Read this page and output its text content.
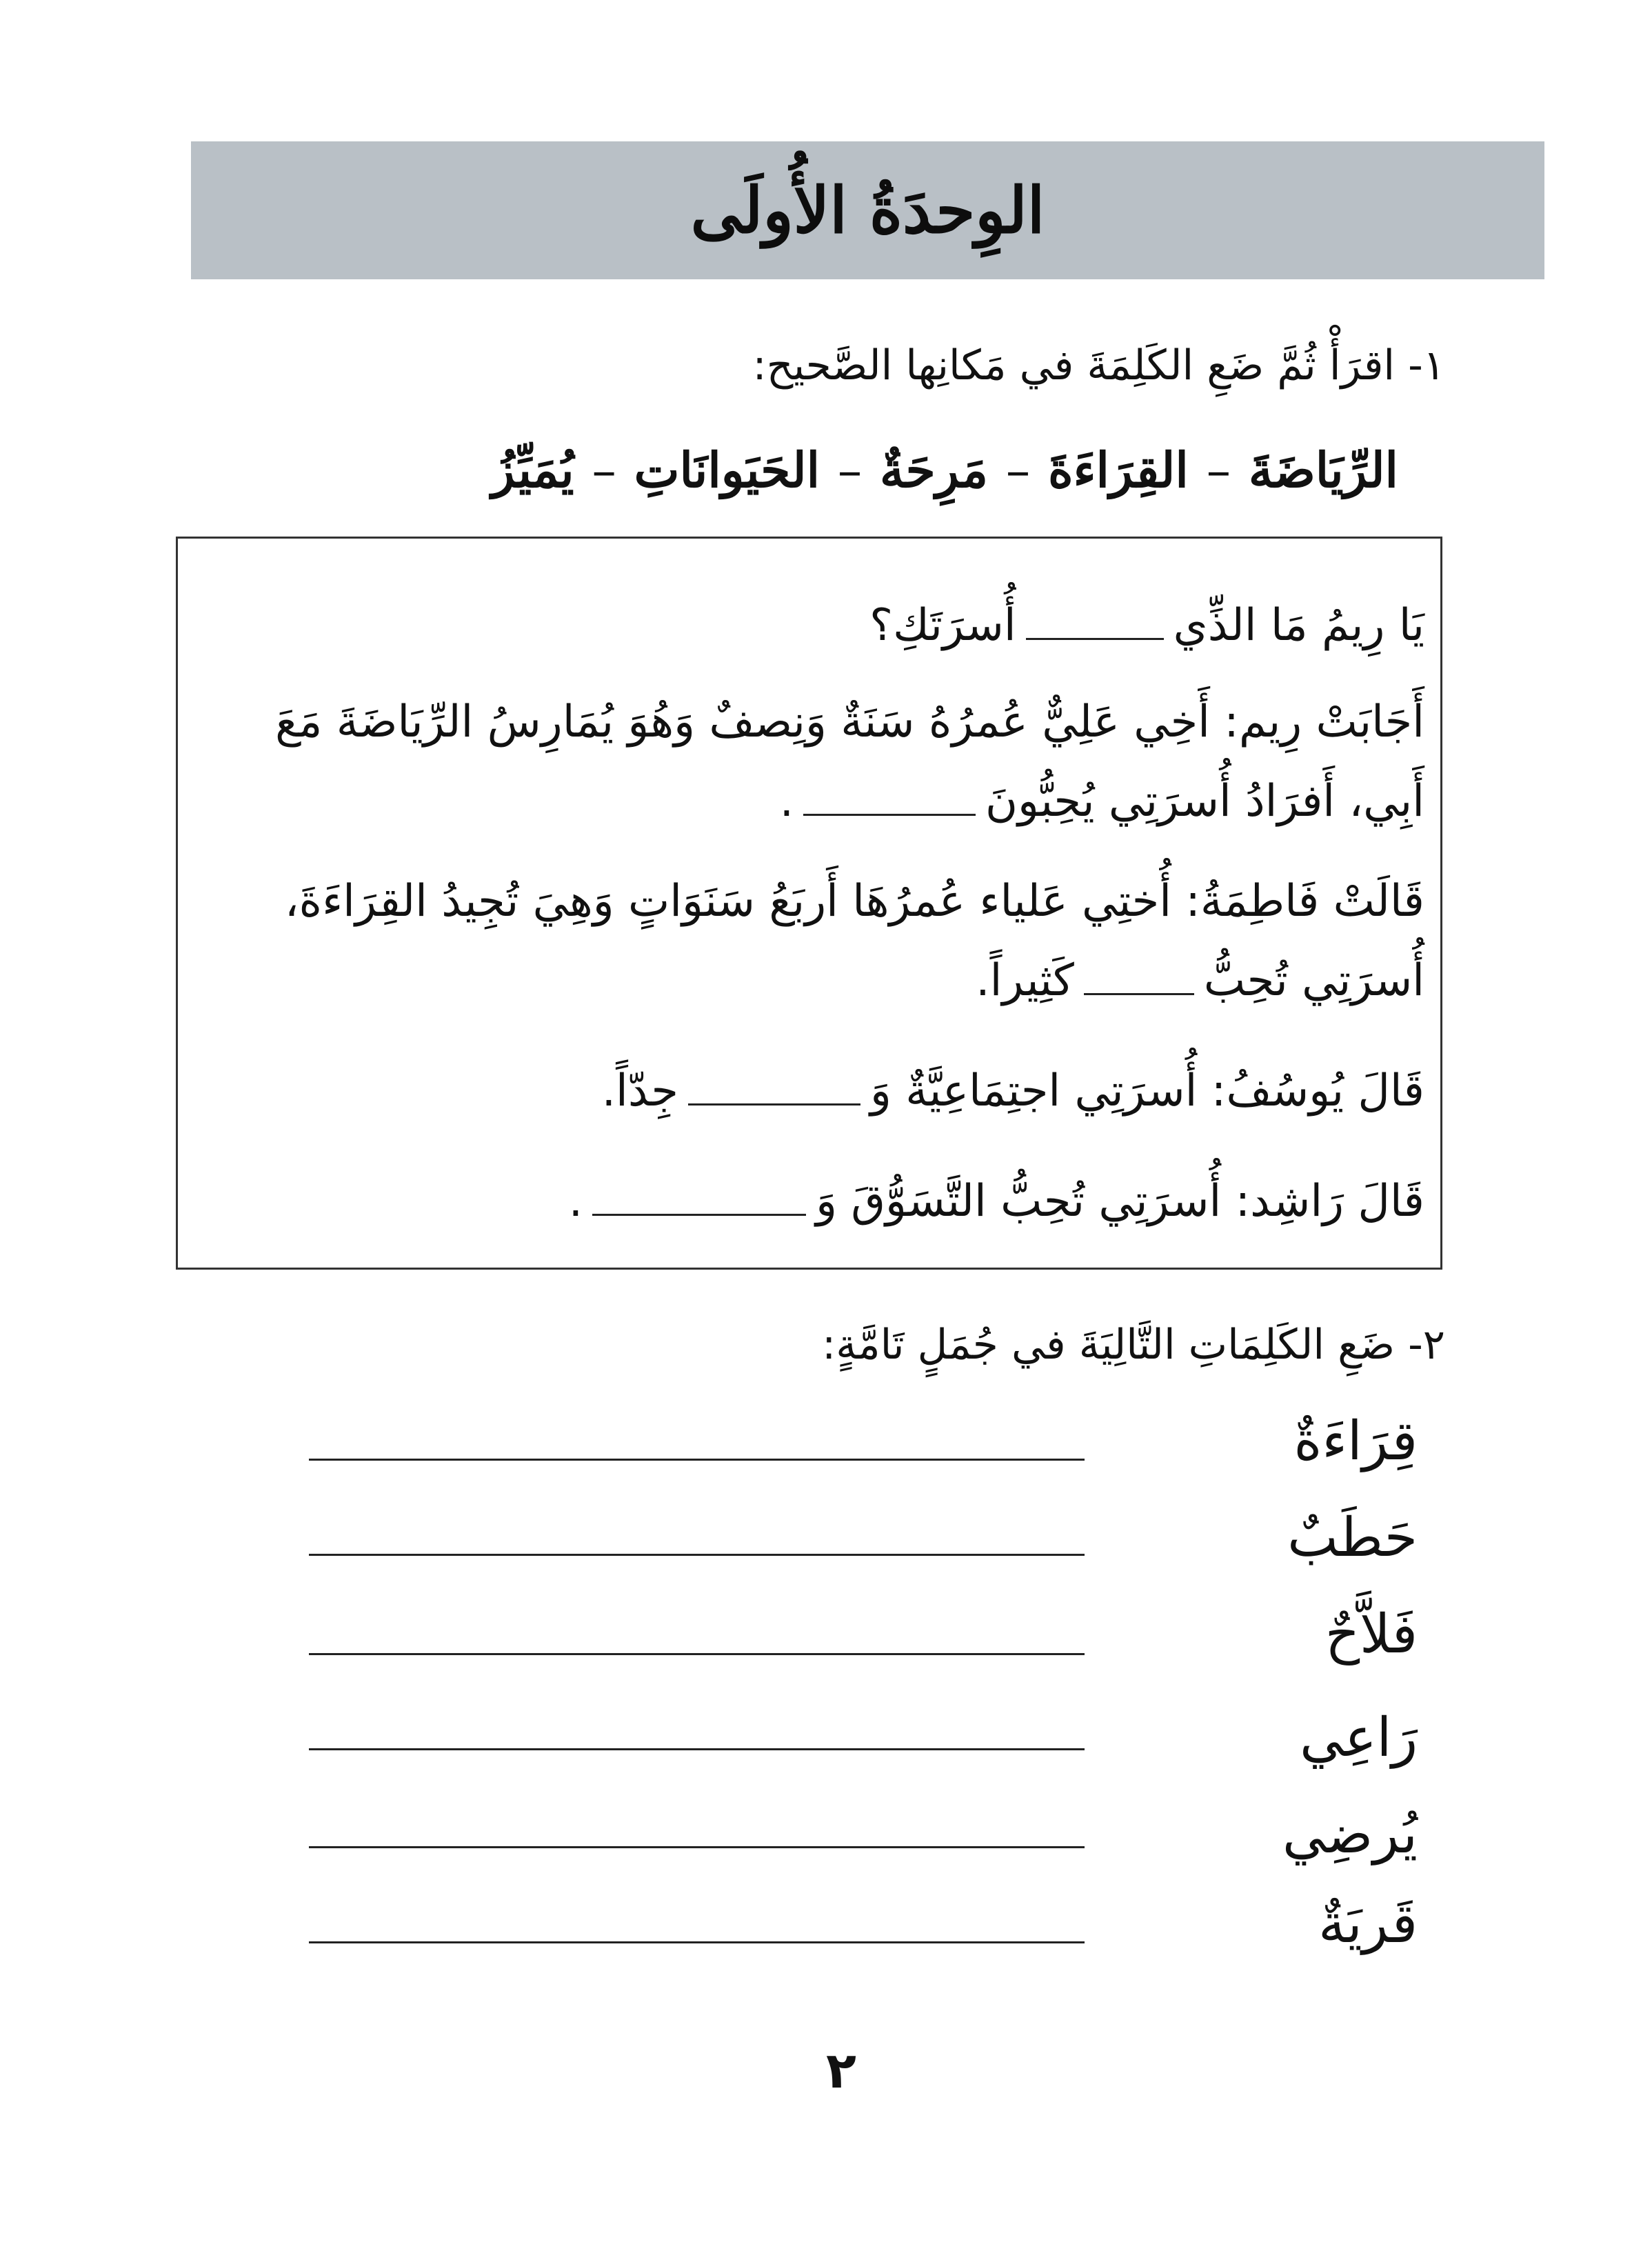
الوِحدَةُ الأُولَى
١- اقرَأْ ثُمَّ ضَعِ الكَلِمَةَ في مَكانِها الصَّحيح:
الرِّيَاضَةَ
–
القِرَاءَةَ
–
مَرِحَةٌ
–
الحَيَوانَاتِ
–
يُمَيِّزُ
يَا رِيمُ مَا الذِّيأُسرَتَكِ؟
أَجَابَتْ رِيم: أَخِي عَلِيٌّ عُمرُهُ سَنَةٌ وَنِصفٌ وَهُوَ يُمَارِسُ الرِّيَاضَةَ مَعَ
أَبِي، أَفرَادُ أُسرَتِي يُحِبُّونَ.
قَالَتْ فَاطِمَةُ: أُختِي عَلياء عُمرُهَا أَربَعُ سَنَوَاتٍ وَهِيَ تُجِيدُ القِرَاءَةَ،
أُسرَتِي تُحِبُّكَثِيراً.
قَالَ يُوسُفُ: أُسرَتِي اجتِمَاعِيَّةٌ وَجِدّاً.
قَالَ رَاشِد: أُسرَتِي تُحِبُّ التَّسَوُّقَ وَ.
٢- ضَعِ الكَلِمَاتِ التَّالِيَةَ في جُمَلٍ تَامَّةٍ:
قِرَاءَةٌ
حَطَبٌ
فَلاَّحٌ
رَاعِي
يُرضِي
قَريَةٌ
٢
